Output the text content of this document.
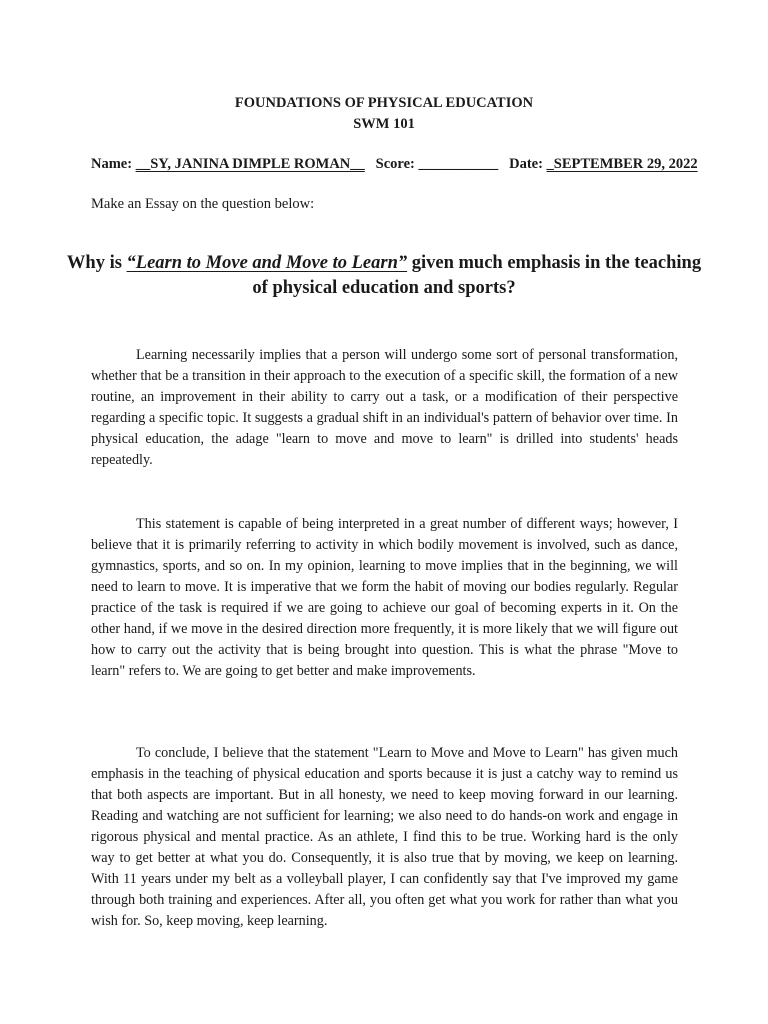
FOUNDATIONS OF PHYSICAL EDUCATION
SWM 101
Name: __SY, JANINA DIMPLE ROMAN__ Score: ___________ Date: _SEPTEMBER 29, 2022
Make an Essay on the question below:
Why is “Learn to Move and Move to Learn” given much emphasis in the teaching of physical education and sports?

Learning necessarily implies that a person will undergo some sort of personal transformation, whether that be a transition in their approach to the execution of a specific skill, the formation of a new routine, an improvement in their ability to carry out a task, or a modification of their perspective regarding a specific topic. It suggests a gradual shift in an individual's pattern of behavior over time. In physical education, the adage "learn to move and move to learn" is drilled into students' heads repeatedly.

This statement is capable of being interpreted in a great number of different ways; however, I believe that it is primarily referring to activity in which bodily movement is involved, such as dance, gymnastics, sports, and so on. In my opinion, learning to move implies that in the beginning, we will need to learn to move. It is imperative that we form the habit of moving our bodies regularly. Regular practice of the task is required if we are going to achieve our goal of becoming experts in it. On the other hand, if we move in the desired direction more frequently, it is more likely that we will figure out how to carry out the activity that is being brought into question. This is what the phrase "Move to learn" refers to. We are going to get better and make improvements.

To conclude, I believe that the statement "Learn to Move and Move to Learn" has given much emphasis in the teaching of physical education and sports because it is just a catchy way to remind us that both aspects are important. But in all honesty, we need to keep moving forward in our learning. Reading and watching are not sufficient for learning; we also need to do hands-on work and engage in rigorous physical and mental practice. As an athlete, I find this to be true. Working hard is the only way to get better at what you do. Consequently, it is also true that by moving, we keep on learning. With 11 years under my belt as a volleyball player, I can confidently say that I've improved my game through both training and experiences. After all, you often get what you work for rather than what you wish for. So, keep moving, keep learning.
